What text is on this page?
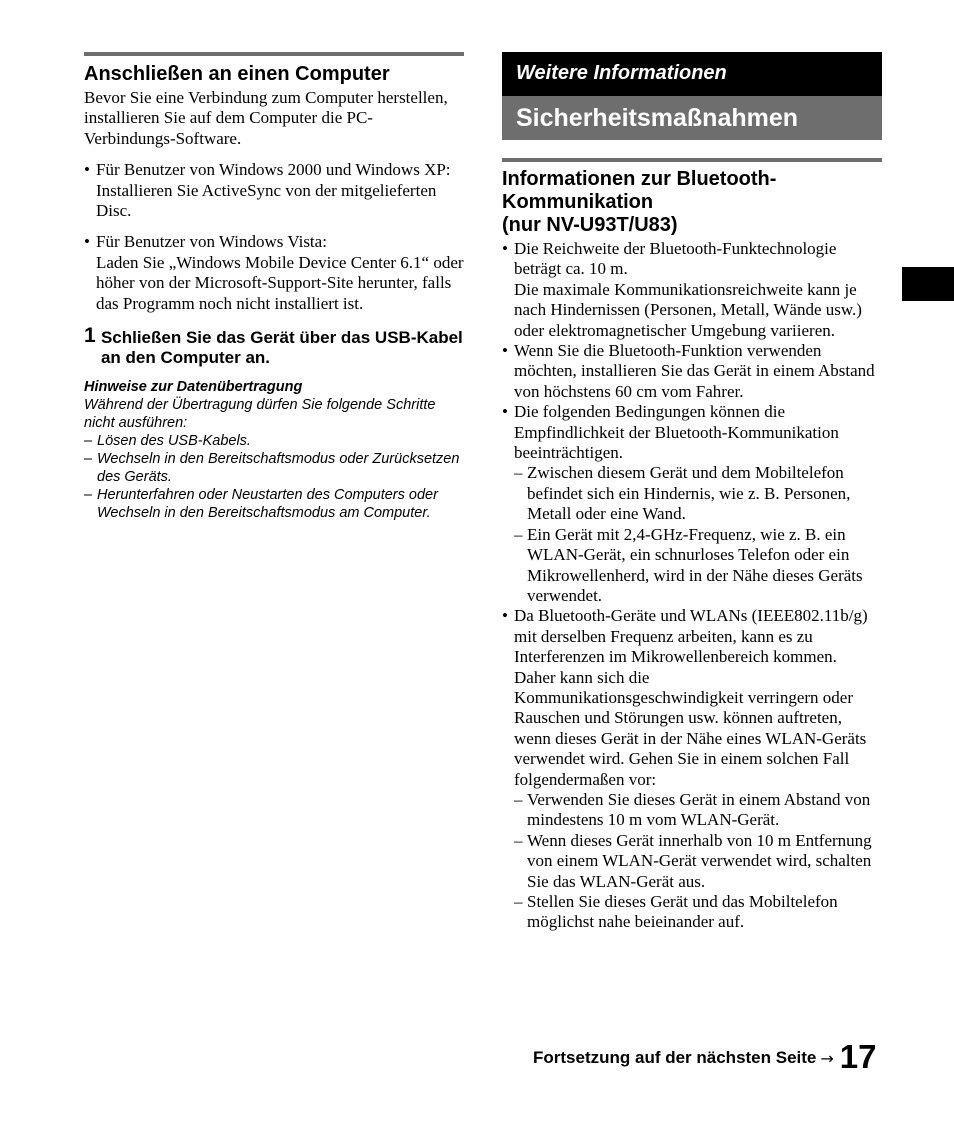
Anschließen an einen Computer

Bevor Sie eine Verbindung zum Computer herstellen, installieren Sie auf dem Computer die PC-Verbindungs-Software.

• Für Benutzer von Windows 2000 und Windows XP:
Installieren Sie ActiveSync von der mitgelieferten Disc.
• Für Benutzer von Windows Vista:
Laden Sie „Windows Mobile Device Center 6.1“ oder höher von der Microsoft-Support-Site herunter, falls das Programm noch nicht installiert ist.
1 Schließen Sie das Gerät über das USB-Kabel an den Computer an.
Hinweise zur Datenübertragung
Während der Übertragung dürfen Sie folgende Schritte nicht ausführen:
– Lösen des USB-Kabels.
– Wechseln in den Bereitschaftsmodus oder Zurücksetzen des Geräts.
– Herunterfahren oder Neustarten des Computers oder Wechseln in den Bereitschaftsmodus am Computer.
Weitere Informationen
Sicherheitsmaßnahmen
Informationen zur Bluetooth-
Kommunikation
(nur NV-U93T/U83)
• Die Reichweite der Bluetooth-Funktechnologie beträgt ca. 10 m.
Die maximale Kommunikationsreichweite kann je nach Hindernissen (Personen, Metall, Wände usw.) oder elektromagnetischer Umgebung variieren.
• Wenn Sie die Bluetooth-Funktion verwenden möchten, installieren Sie das Gerät in einem Abstand von höchstens 60 cm vom Fahrer.
• Die folgenden Bedingungen können die Empfindlichkeit der Bluetooth-Kommunikation beeinträchtigen.
– Zwischen diesem Gerät und dem Mobiltelefon befindet sich ein Hindernis, wie z. B. Personen, Metall oder eine Wand.
– Ein Gerät mit 2,4-GHz-Frequenz, wie z. B. ein WLAN-Gerät, ein schnurloses Telefon oder ein Mikrowellenherd, wird in der Nähe dieses Geräts verwendet.
• Da Bluetooth-Geräte und WLANs (IEEE802.11b/g) mit derselben Frequenz arbeiten, kann es zu Interferenzen im Mikrowellenbereich kommen. Daher kann sich die Kommunikationsgeschwindigkeit verringern oder Rauschen und Störungen usw. können auftreten, wenn dieses Gerät in der Nähe eines WLAN-Geräts verwendet wird. Gehen Sie in einem solchen Fall folgendermaßen vor:
– Verwenden Sie dieses Gerät in einem Abstand von mindestens 10 m vom WLAN-Gerät.
– Wenn dieses Gerät innerhalb von 10 m Entfernung von einem WLAN-Gerät verwendet wird, schalten Sie das WLAN-Gerät aus.
– Stellen Sie dieses Gerät und das Mobiltelefon möglichst nahe beieinander auf.
Fortsetzung auf der nächsten Seite → 17
